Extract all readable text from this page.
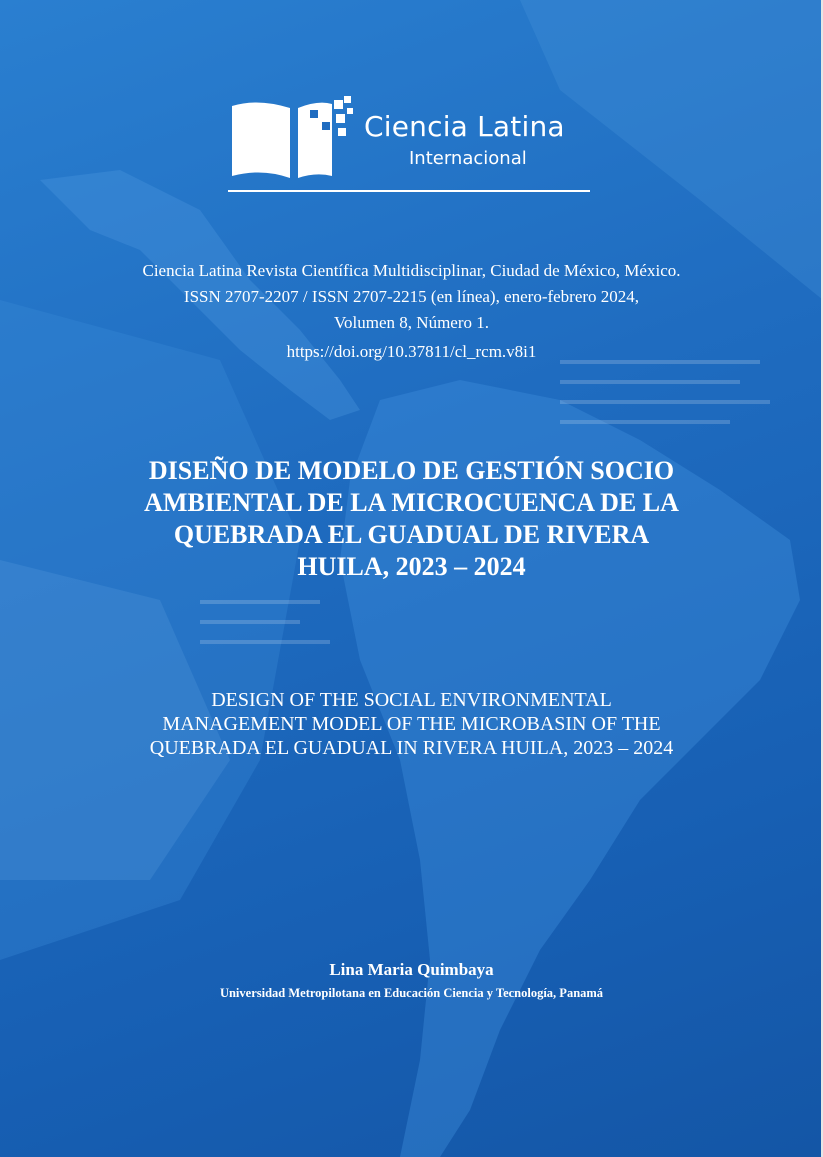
Ciencia Latina
Internacional
Ciencia Latina Revista Científica Multidisciplinar, Ciudad de México, México.
ISSN 2707-2207 / ISSN 2707-2215 (en línea), enero-febrero 2024,
Volumen 8, Número 1.
https://doi.org/10.37811/cl_rcm.v8i1
DISEÑO DE MODELO DE GESTIÓN SOCIO
AMBIENTAL DE LA MICROCUENCA DE LA
QUEBRADA EL GUADUAL DE RIVERA
HUILA, 2023 – 2024
DESIGN OF THE SOCIAL ENVIRONMENTAL
MANAGEMENT MODEL OF THE MICROBASIN OF THE
QUEBRADA EL GUADUAL IN RIVERA HUILA, 2023 – 2024
Lina Maria Quimbaya
Universidad Metropilotana en Educación Ciencia y Tecnología, Panamá
